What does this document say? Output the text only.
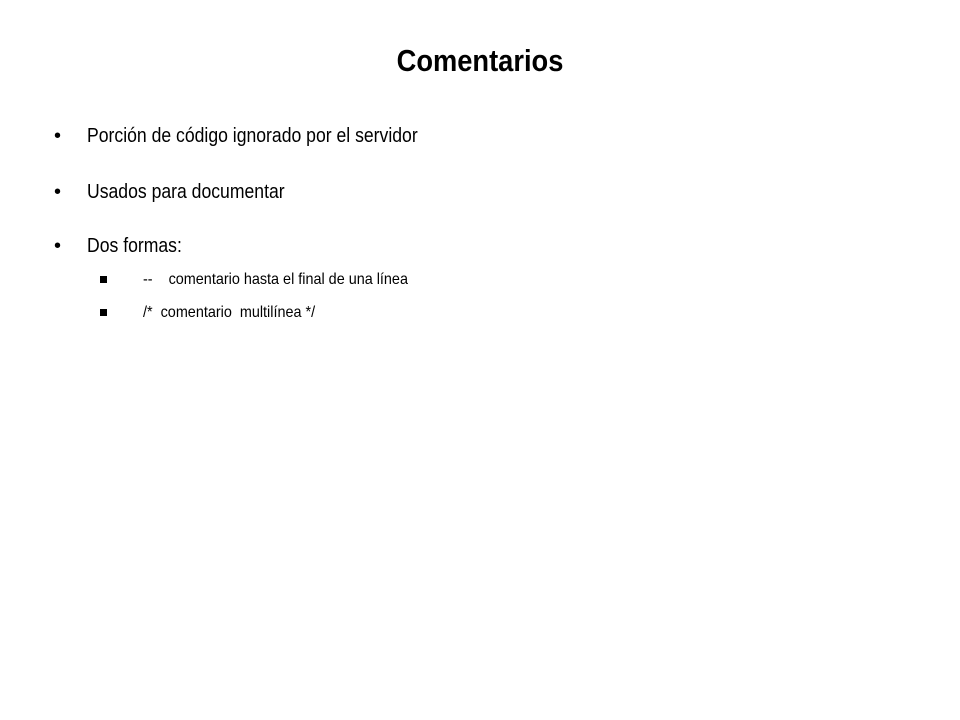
Comentarios
•	Porción de código ignorado por el servidor
•	Usados para documentar
•	Dos formas:
--    comentario hasta el final de una línea
/*  comentario  multilínea */
